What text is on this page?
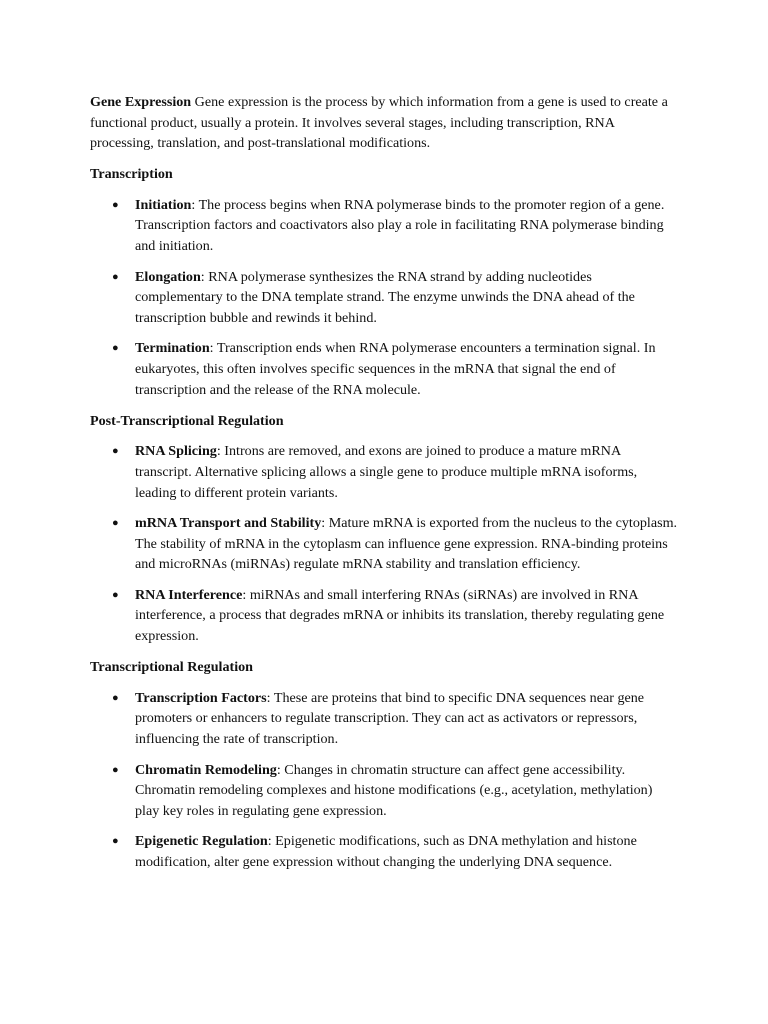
Gene Expression Gene expression is the process by which information from a gene is used to create a functional product, usually a protein. It involves several stages, including transcription, RNA processing, translation, and post-translational modifications.

Transcription

● Initiation: The process begins when RNA polymerase binds to the promoter region of a gene. Transcription factors and coactivators also play a role in facilitating RNA polymerase binding and initiation.
● Elongation: RNA polymerase synthesizes the RNA strand by adding nucleotides complementary to the DNA template strand. The enzyme unwinds the DNA ahead of the transcription bubble and rewinds it behind.
● Termination: Transcription ends when RNA polymerase encounters a termination signal. In eukaryotes, this often involves specific sequences in the mRNA that signal the end of transcription and the release of the RNA molecule.

Post-Transcriptional Regulation

● RNA Splicing: Introns are removed, and exons are joined to produce a mature mRNA transcript. Alternative splicing allows a single gene to produce multiple mRNA isoforms, leading to different protein variants.
● mRNA Transport and Stability: Mature mRNA is exported from the nucleus to the cytoplasm. The stability of mRNA in the cytoplasm can influence gene expression. RNA-binding proteins and microRNAs (miRNAs) regulate mRNA stability and translation efficiency.
● RNA Interference: miRNAs and small interfering RNAs (siRNAs) are involved in RNA interference, a process that degrades mRNA or inhibits its translation, thereby regulating gene expression.

Transcriptional Regulation

● Transcription Factors: These are proteins that bind to specific DNA sequences near gene promoters or enhancers to regulate transcription. They can act as activators or repressors, influencing the rate of transcription.
● Chromatin Remodeling: Changes in chromatin structure can affect gene accessibility. Chromatin remodeling complexes and histone modifications (e.g., acetylation, methylation) play key roles in regulating gene expression.
● Epigenetic Regulation: Epigenetic modifications, such as DNA methylation and histone modification, alter gene expression without changing the underlying DNA sequence.
